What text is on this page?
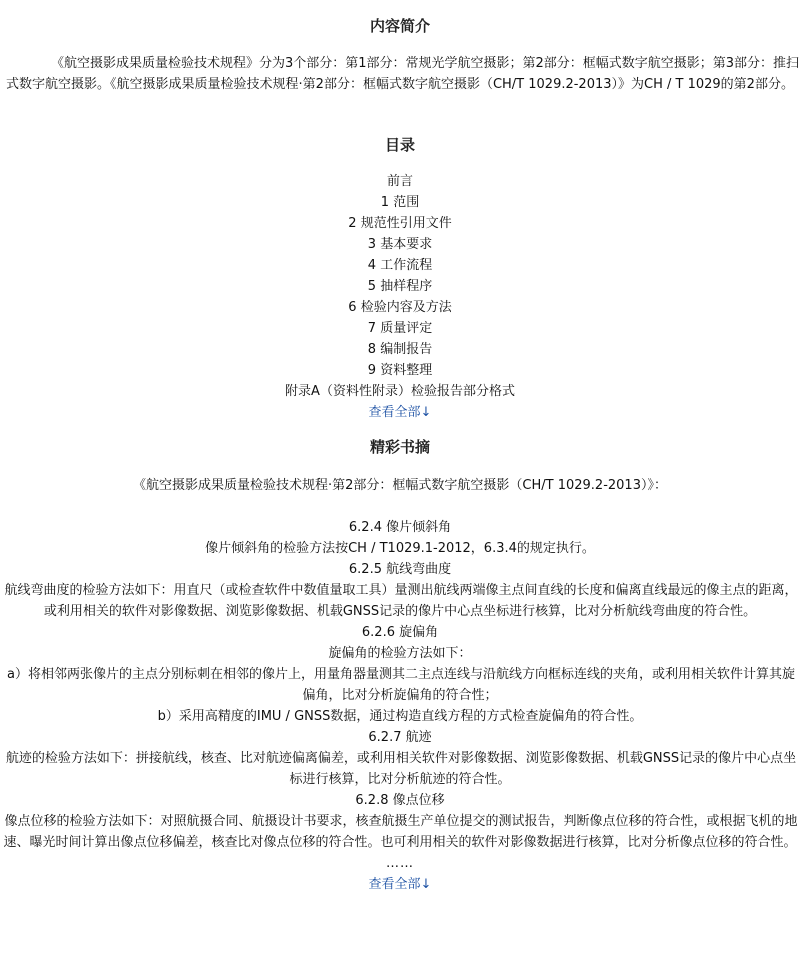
内容简介

《航空摄影成果质量检验技术规程》分为3个部分：第1部分：常规光学航空摄影；第2部分：框幅式数字航空摄影；第3部分：推扫式数字航空摄影。《航空摄影成果质量检验技术规程·第2部分：框幅式数字航空摄影（CH/T 1029.2-2013）》为CH / T 1029的第2部分。

目录
前言
1 范围
2 规范性引用文件
3 基本要求
4 工作流程
5 抽样程序
6 检验内容及方法
7 质量评定
8 编制报告
9 资料整理
附录A（资料性附录）检验报告部分格式
查看全部↓
精彩书摘
《航空摄影成果质量检验技术规程·第2部分：框幅式数字航空摄影（CH/T 1029.2-2013）》：

6.2.4 像片倾斜角

像片倾斜角的检验方法按CH / T1029.1-2012，6.3.4的规定执行。

6.2.5 航线弯曲度

航线弯曲度的检验方法如下：用直尺（或检查软件中数值量取工具）量测出航线两端像主点间直线的长度和偏离直线最远的像主点的距离，或利用相关的软件对影像数据、浏览影像数据、机载GNSS记录的像片中心点坐标进行核算，比对分析航线弯曲度的符合性。

6.2.6 旋偏角

旋偏角的检验方法如下：

a）将相邻两张像片的主点分别标刺在相邻的像片上，用量角器量测其二主点连线与沿航线方向框标连线的夹角，或利用相关软件计算其旋偏角，比对分析旋偏角的符合性；

b）采用高精度的IMU / GNSS数据，通过构造直线方程的方式检查旋偏角的符合性。

6.2.7 航迹

航迹的检验方法如下：拼接航线，核查、比对航迹偏离偏差，或利用相关软件对影像数据、浏览影像数据、机载GNSS记录的像片中心点坐标进行核算，比对分析航迹的符合性。

6.2.8 像点位移

像点位移的检验方法如下：对照航摄合同、航摄设计书要求，核查航摄生产单位提交的测试报告，判断像点位移的符合性，或根据飞机的地速、曝光时间计算出像点位移偏差，核查比对像点位移的符合性。也可利用相关的软件对影像数据进行核算，比对分析像点位移的符合性。

……
查看全部↓
